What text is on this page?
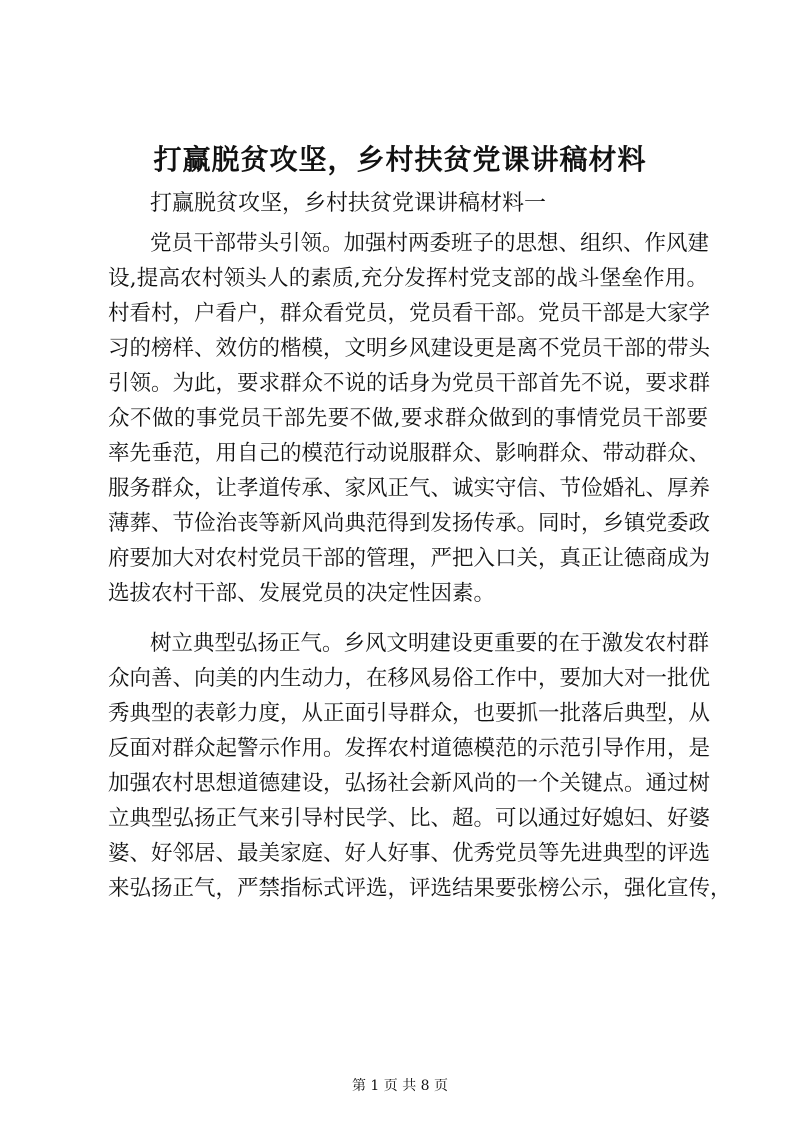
打赢脱贫攻坚，乡村扶贫党课讲稿材料
打赢脱贫攻坚，乡村扶贫党课讲稿材料一
党员干部带头引领。加强村两委班子的思想、组织、作风建
设,提高农村领头人的素质,充分发挥村党支部的战斗堡垒作用。
村看村，户看户，群众看党员，党员看干部。党员干部是大家学
习的榜样、效仿的楷模，文明乡风建设更是离不党员干部的带头
引领。为此，要求群众不说的话身为党员干部首先不说，要求群
众不做的事党员干部先要不做,要求群众做到的事情党员干部要
率先垂范，用自己的模范行动说服群众、影响群众、带动群众、
服务群众，让孝道传承、家风正气、诚实守信、节俭婚礼、厚养
薄葬、节俭治丧等新风尚典范得到发扬传承。同时，乡镇党委政
府要加大对农村党员干部的管理，严把入口关，真正让德商成为
选拔农村干部、发展党员的决定性因素。
树立典型弘扬正气。乡风文明建设更重要的在于激发农村群
众向善、向美的内生动力，在移风易俗工作中，要加大对一批优
秀典型的表彰力度，从正面引导群众，也要抓一批落后典型，从
反面对群众起警示作用。发挥农村道德模范的示范引导作用，是
加强农村思想道德建设，弘扬社会新风尚的一个关键点。通过树
立典型弘扬正气来引导村民学、比、超。可以通过好媳妇、好婆
婆、好邻居、最美家庭、好人好事、优秀党员等先进典型的评选
来弘扬正气，严禁指标式评选，评选结果要张榜公示，强化宣传，
第 1 页 共 8 页
